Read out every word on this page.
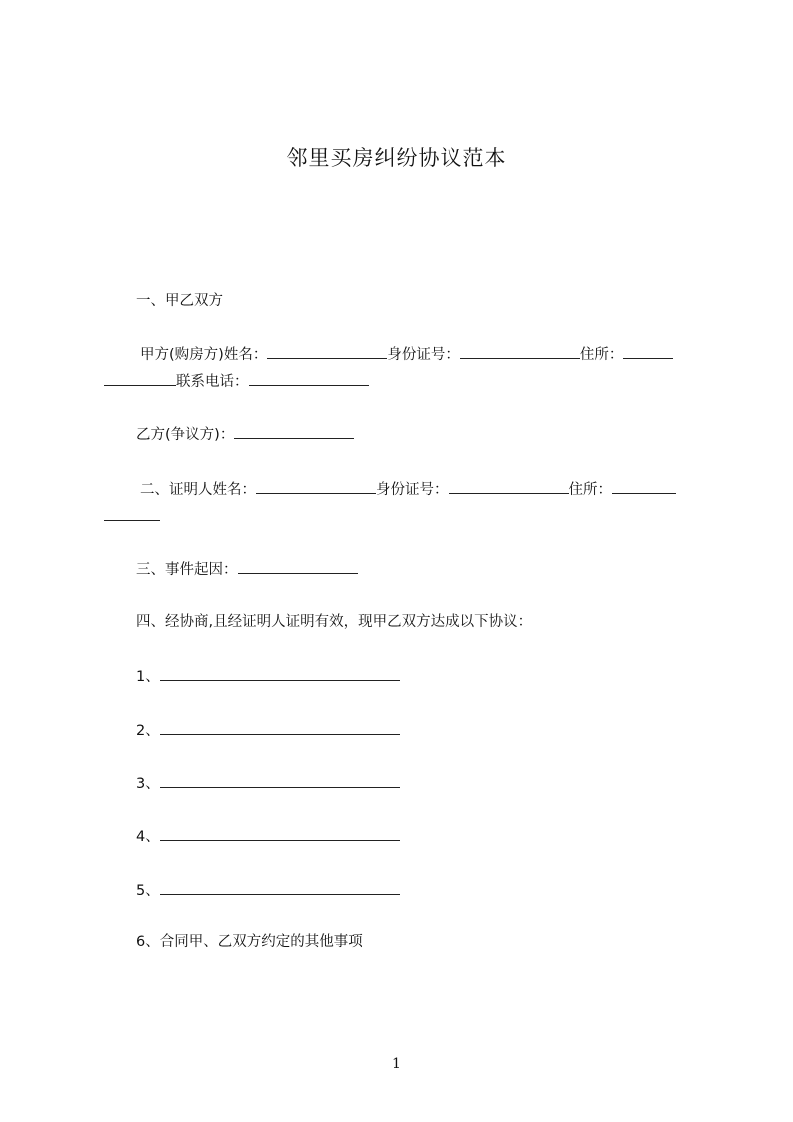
邻里买房纠纷协议范本
一、甲乙双方
甲方(购房方)姓名：	身份证号：	住所：
联系电话：
乙方(争议方)：
二、证明人姓名：	身份证号：	住所：
三、事件起因：
四、经协商,且经证明人证明有效，现甲乙双方达成以下协议：
1、
2、
3、
4、
5、
6、合同甲、乙双方约定的其他事项
1
